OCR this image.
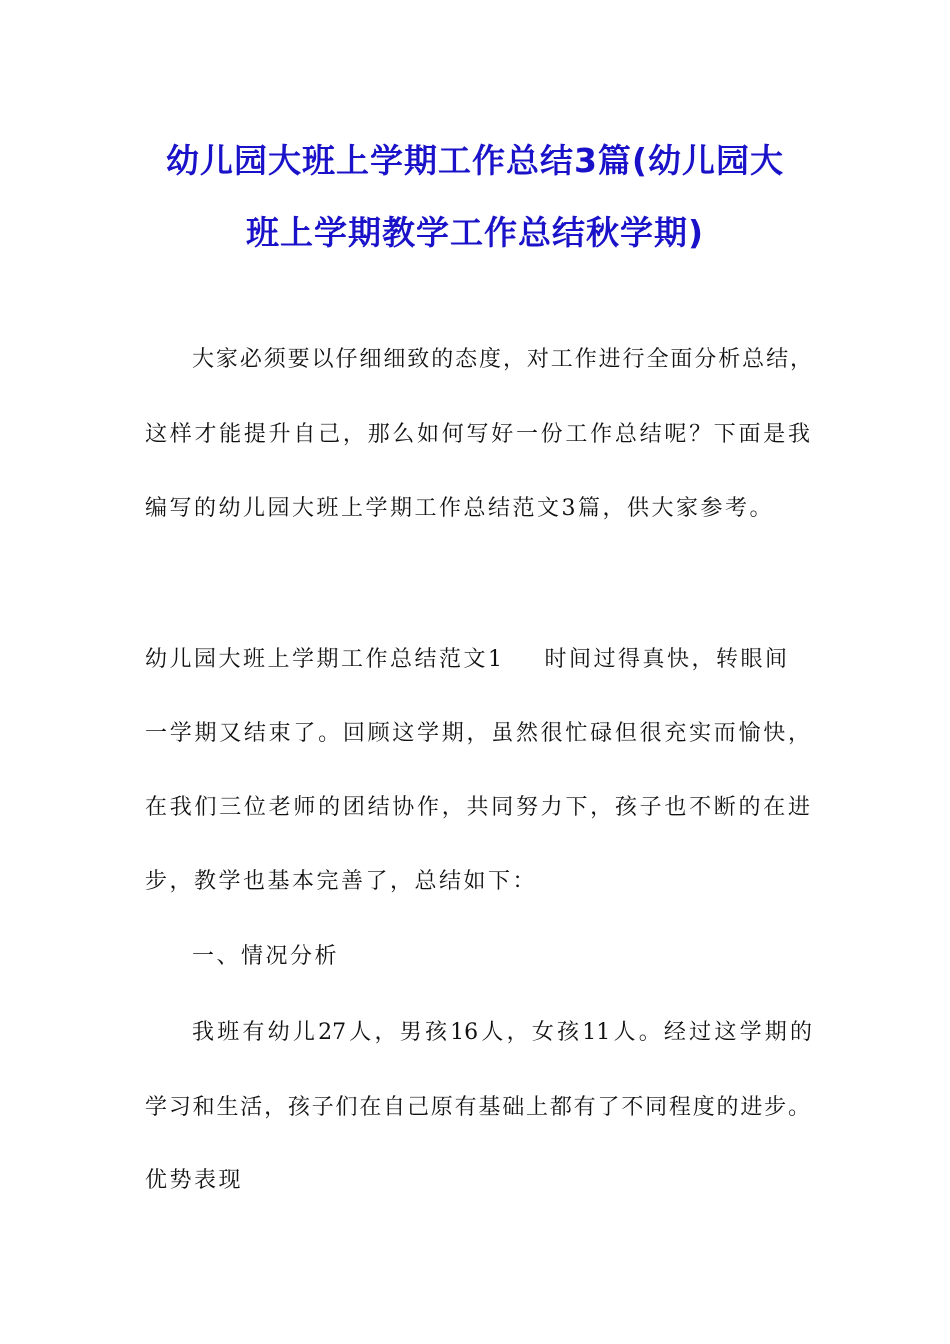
幼儿园大班上学期工作总结3篇(幼儿园大
班上学期教学工作总结秋学期)
大家必须要以仔细细致的态度，对工作进行全面分析总结，
这样才能提升自己，那么如何写好一份工作总结呢？下面是我
编写的幼儿园大班上学期工作总结范文3篇，供大家参考。
幼儿园大班上学期工作总结范文1 时间过得真快，转眼间
一学期又结束了。回顾这学期，虽然很忙碌但很充实而愉快，
在我们三位老师的团结协作，共同努力下，孩子也不断的在进
步，教学也基本完善了，总结如下：
一、情况分析
我班有幼儿27人，男孩16人，女孩11人。经过这学期的
学习和生活，孩子们在自己原有基础上都有了不同程度的进步。
优势表现
